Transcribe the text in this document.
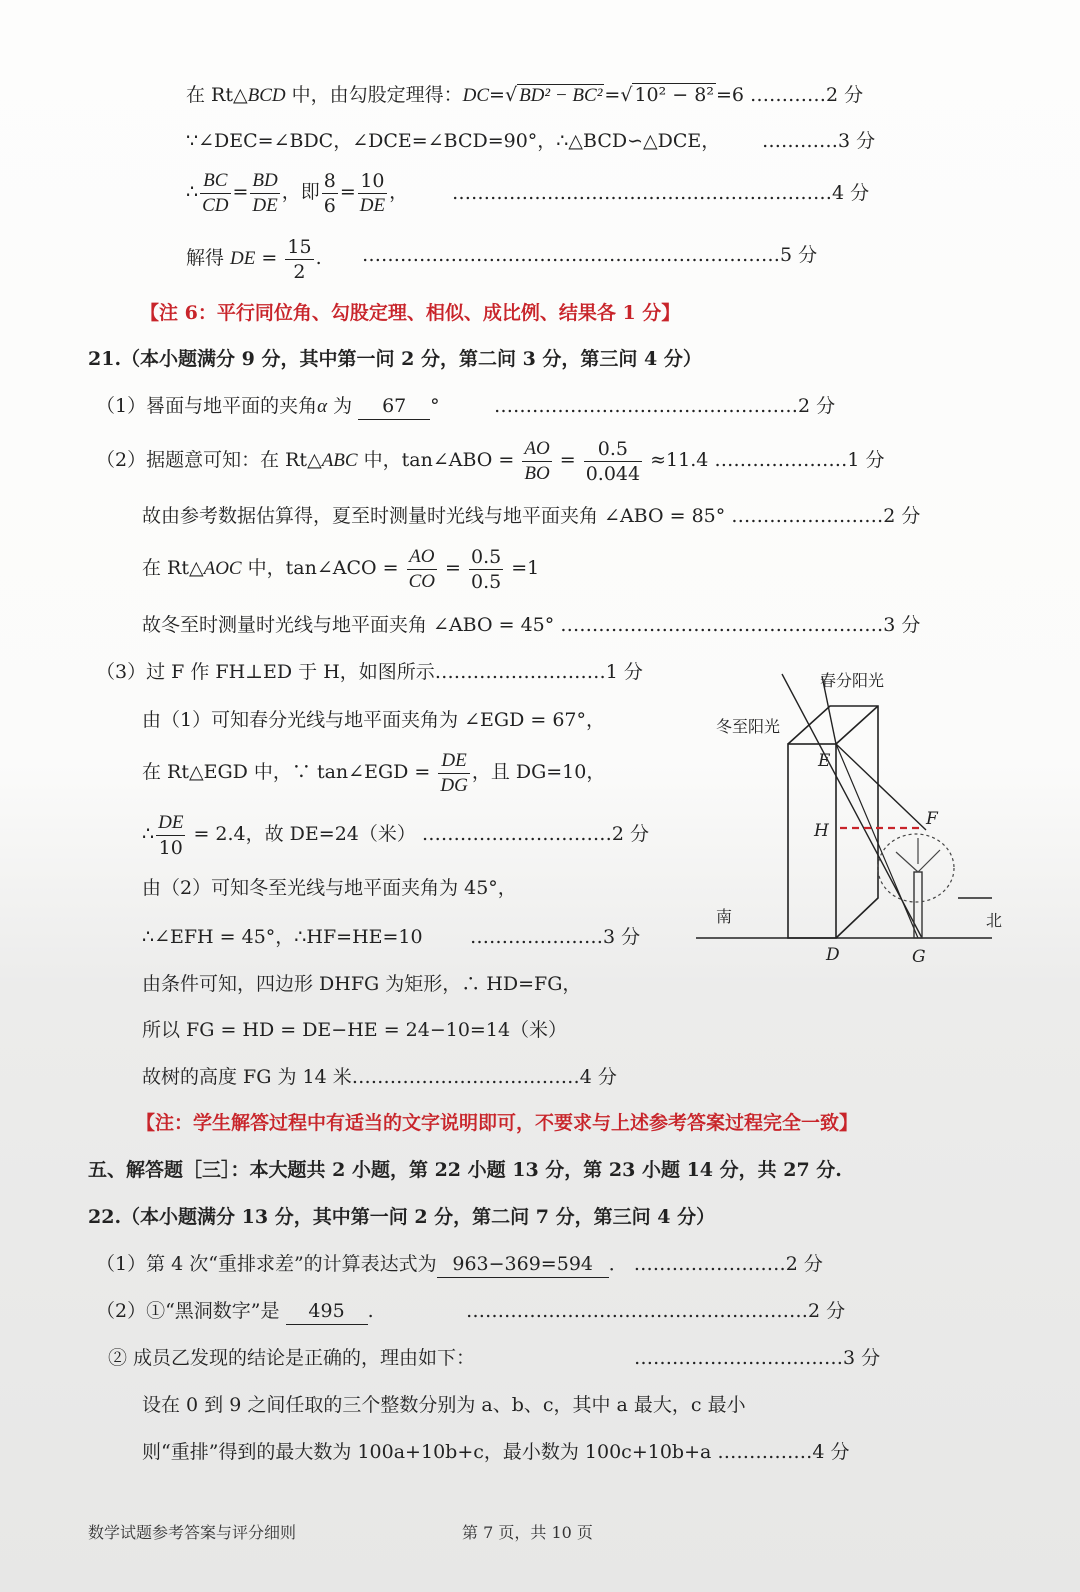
在 Rt△BCD 中，由勾股定理得：DC=√ BD² − BC² =√ 10² − 8² =6 …………2 分
∵∠DEC=∠BDC，∠DCE=∠BCD=90°，∴△BCD∽△DCE， …………3 分
∴ $\frac{BC}{CD} = \frac{BD}{DE}$ ，即 $\frac{8}{6} = \frac{10}{DE}$ ， ……………………………………………………4 分
解得 DE = $\frac{15}{2}$ . …………………………………………………………5 分
【注 6：平行同位角、勾股定理、相似、成比例、结果各 1 分】
21.（本小题满分 9 分，其中第一问 2 分，第二问 3 分，第三问 4 分）
（1）晷面与地平面的夹角α 为 67 °	…………………………………………2 分
（2）据题意可知：在 Rt△ABC 中，tan∠ABO = $\frac{AO}{BO} = \frac{0.5}{0.044} \approx 11.4$ …………………1 分
故由参考数据估算得，夏至时测量时光线与地平面夹角 ∠ABO = 85° ……………………2 分
在 Rt△AOC 中，tan∠ACO = $\frac{AO}{CO} = \frac{0.5}{0.5} =1$
故冬至时测量时光线与地平面夹角 ∠ABO = 45° ……………………………………………3 分
（3）过 F 作 FH⊥ED 于 H，如图所示………………………1 分
由（1）可知春分光线与地平面夹角为 ∠EGD = 67°，
在 Rt△EGD 中，∵ tan∠EGD = $\frac{DE}{DG}$ ，且 DG=10，
∴ $\frac{DE}{10} = 2.4$，故 DE=24（米） …………………………2 分
由（2）可知冬至光线与地平面夹角为 45°，
∴∠EFH = 45°，∴HF=HE=10 …………………3 分
由条件可知，四边形 DHFG 为矩形，∴ HD=FG，
所以 FG = HD = DE−HE = 24−10=14（米）
故树的高度 FG 为 14 米………………………………4 分
春分阳光
冬至阳光
E
H
F
D	G
南	北
【注：学生解答过程中有适当的文字说明即可，不要求与上述参考答案过程完全一致】
五、解答题［三］：本大题共 2 小题，第 22 小题 13 分，第 23 小题 14 分，共 27 分.
22.（本小题满分 13 分，其中第一问 2 分，第二问 7 分，第三问 4 分）
（1）第 4 次“重排求差”的计算表达式为 963−369=594 ． ……………………2 分
（2）①“黑洞数字”是 495 .	………………………………………………2 分
② 成员乙发现的结论是正确的，理由如下：	……………………………3 分
设在 0 到 9 之间任取的三个整数分别为 a、b、c，其中 a 最大，c 最小
则“重排”得到的最大数为 100a+10b+c，最小数为 100c+10b+a ……………4 分
数学试题参考答案与评分细则	第 7 页，共 10 页
